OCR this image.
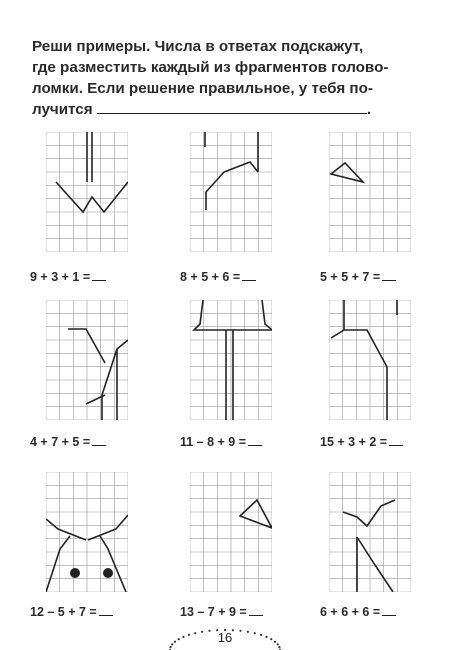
Реши примеры. Числа в ответах подскажут,

где разместить каждый из фрагментов голово-

ломки. Если решение правильное, у тебя по-

лучится	.

9 + 3 + 1 =	8 + 5 + 6 =	5 + 5 + 7 =
4 + 7 + 5 =	11 – 8 + 9 =	15 + 3 + 2 =
12 – 5 + 7 =	13 – 7 + 9 =	6 + 6 + 6 =
16
